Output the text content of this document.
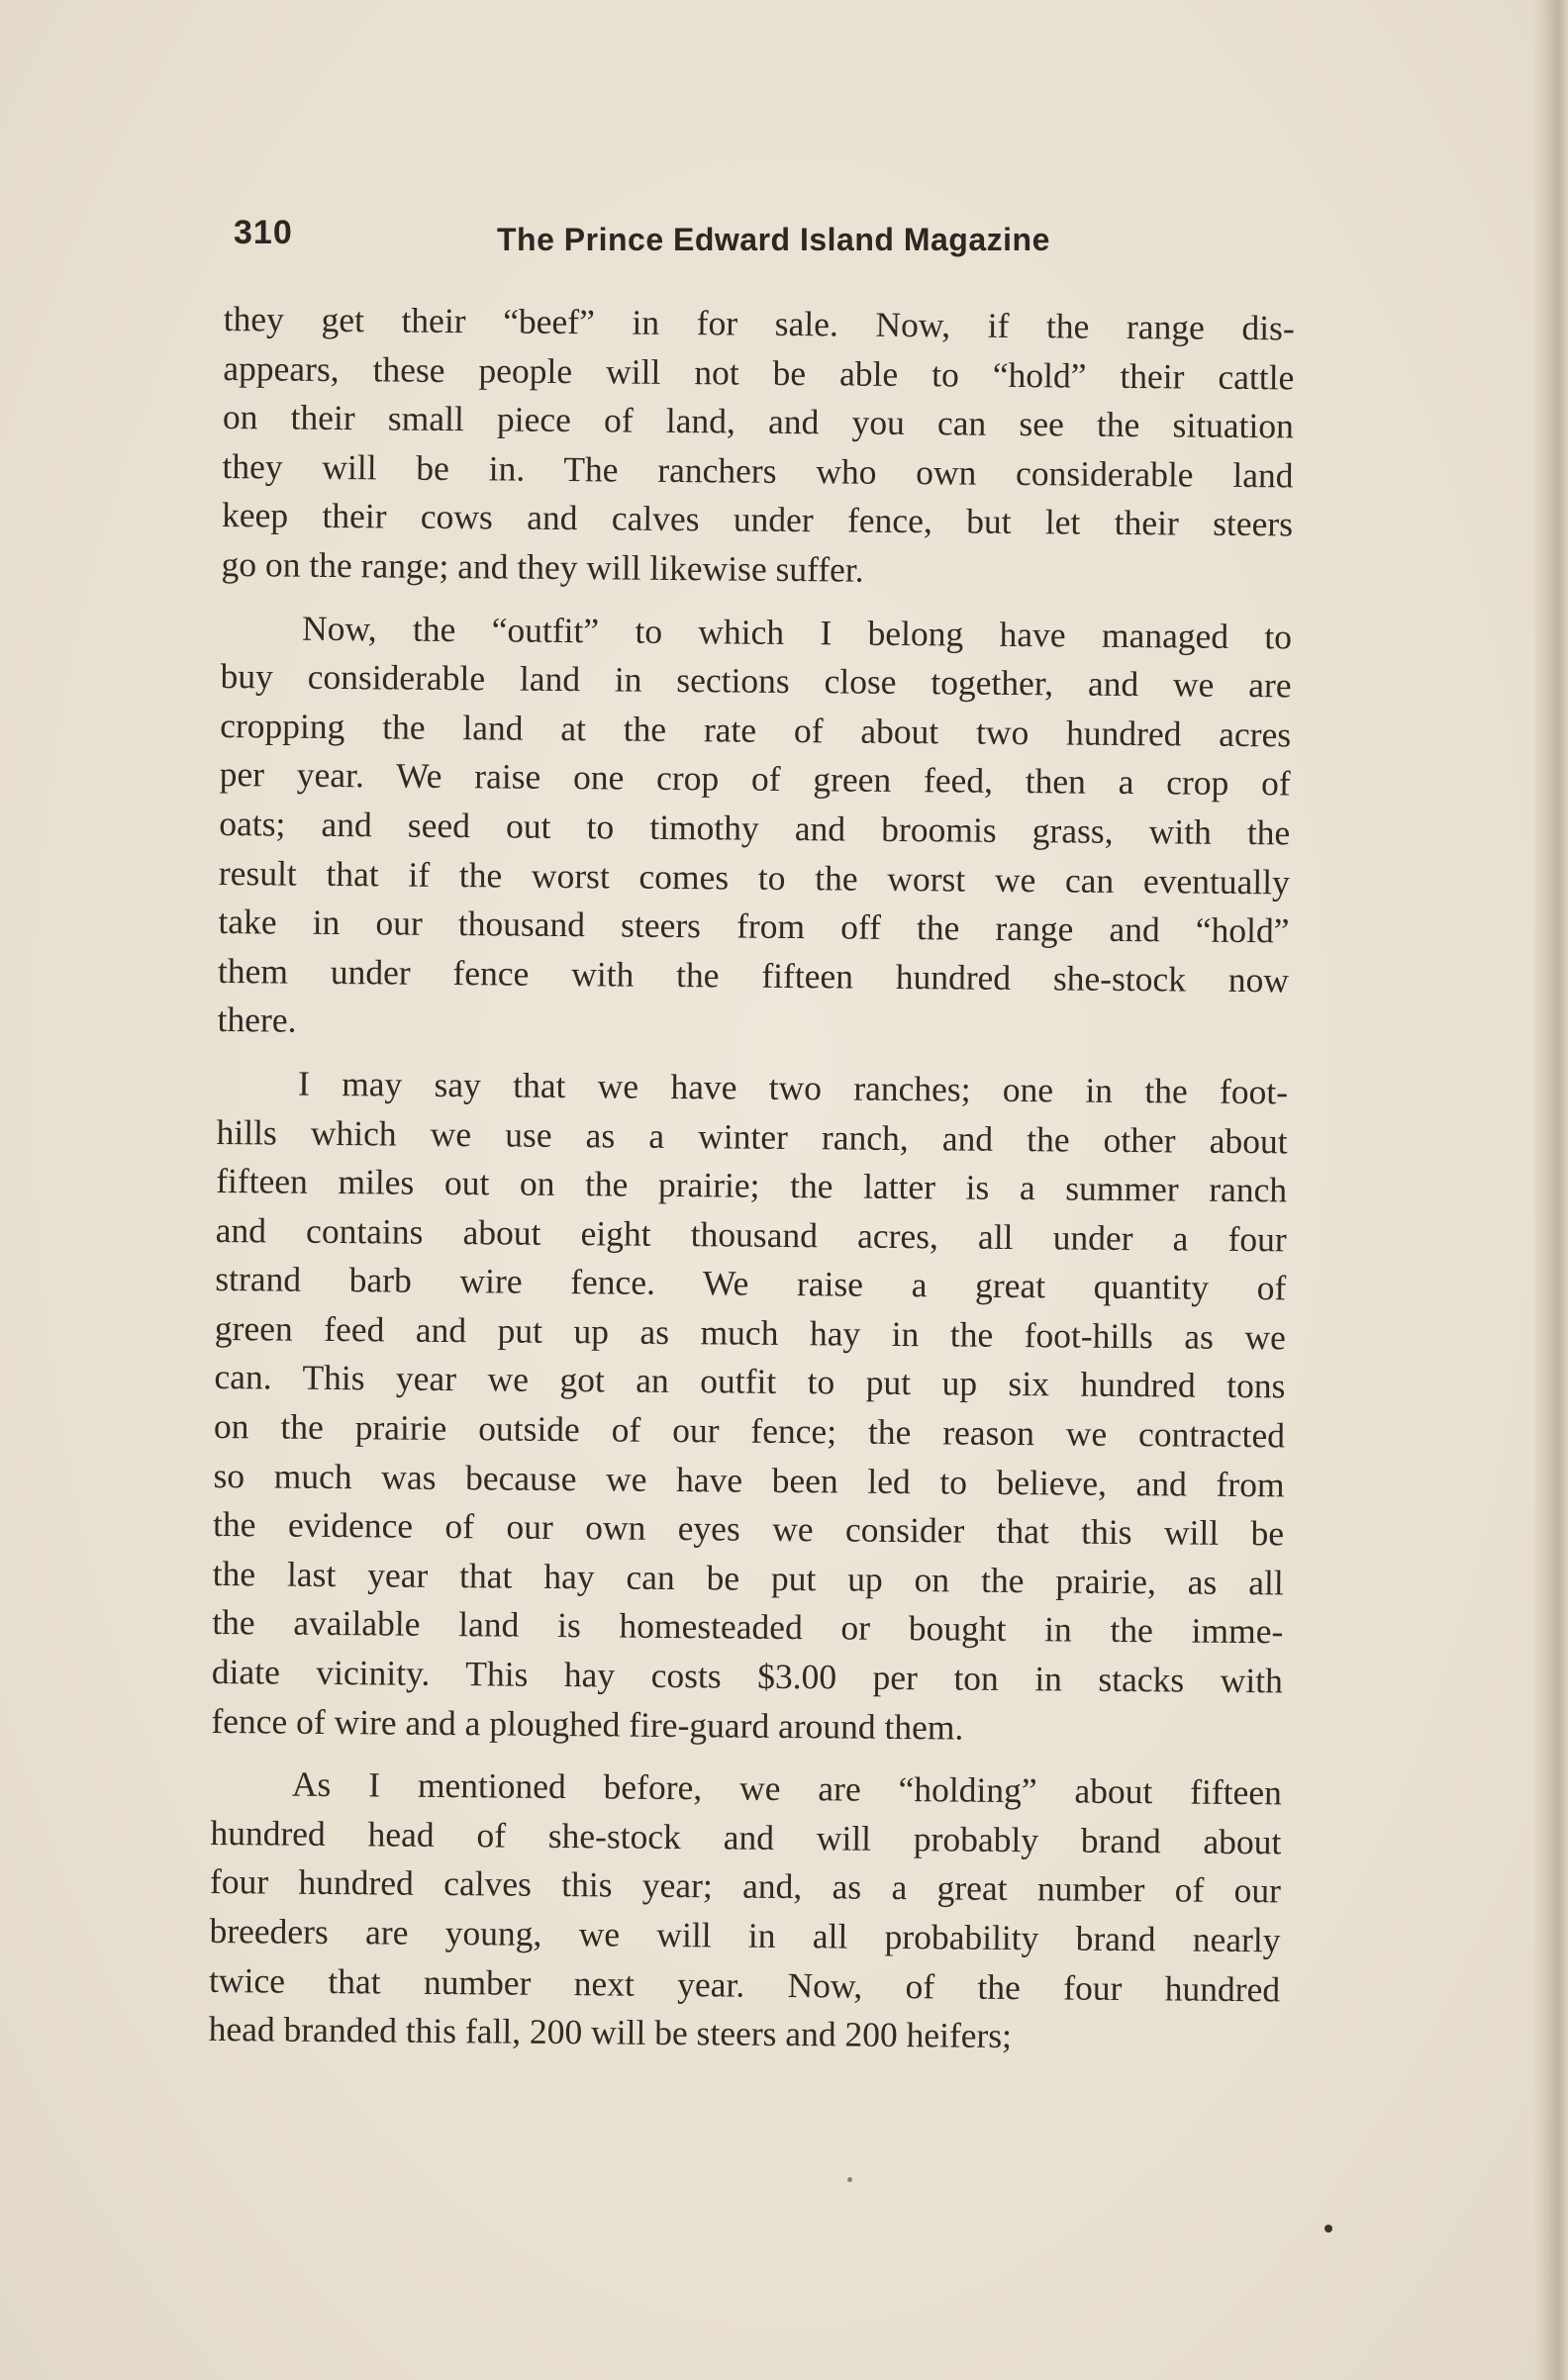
310	The Prince Edward Island Magazine
they get their “beef” in for sale. Now, if the range dis-
appears, these people will not be able to “hold” their cattle
on their small piece of land, and you can see the situation
they will be in. The ranchers who own considerable land
keep their cows and calves under fence, but let their steers
go on the range; and they will likewise suffer.
Now, the “outfit” to which I belong have managed to
buy considerable land in sections close together, and we are
cropping the land at the rate of about two hundred acres
per year. We raise one crop of green feed, then a crop of
oats; and seed out to timothy and broomis grass, with the
result that if the worst comes to the worst we can eventually
take in our thousand steers from off the range and “hold”
them under fence with the fifteen hundred she-stock now
there.
I may say that we have two ranches; one in the foot-
hills which we use as a winter ranch, and the other about
fifteen miles out on the prairie; the latter is a summer ranch
and contains about eight thousand acres, all under a four
strand barb wire fence. We raise a great quantity of
green feed and put up as much hay in the foot-hills as we
can. This year we got an outfit to put up six hundred tons
on the prairie outside of our fence; the reason we contracted
so much was because we have been led to believe, and from
the evidence of our own eyes we consider that this will be
the last year that hay can be put up on the prairie, as all
the available land is homesteaded or bought in the imme-
diate vicinity. This hay costs $3.00 per ton in stacks with
fence of wire and a ploughed fire-guard around them.
As I mentioned before, we are “holding” about fifteen
hundred head of she-stock and will probably brand about
four hundred calves this year; and, as a great number of our
breeders are young, we will in all probability brand nearly
twice that number next year. Now, of the four hundred
head branded this fall, 200 will be steers and 200 heifers;
